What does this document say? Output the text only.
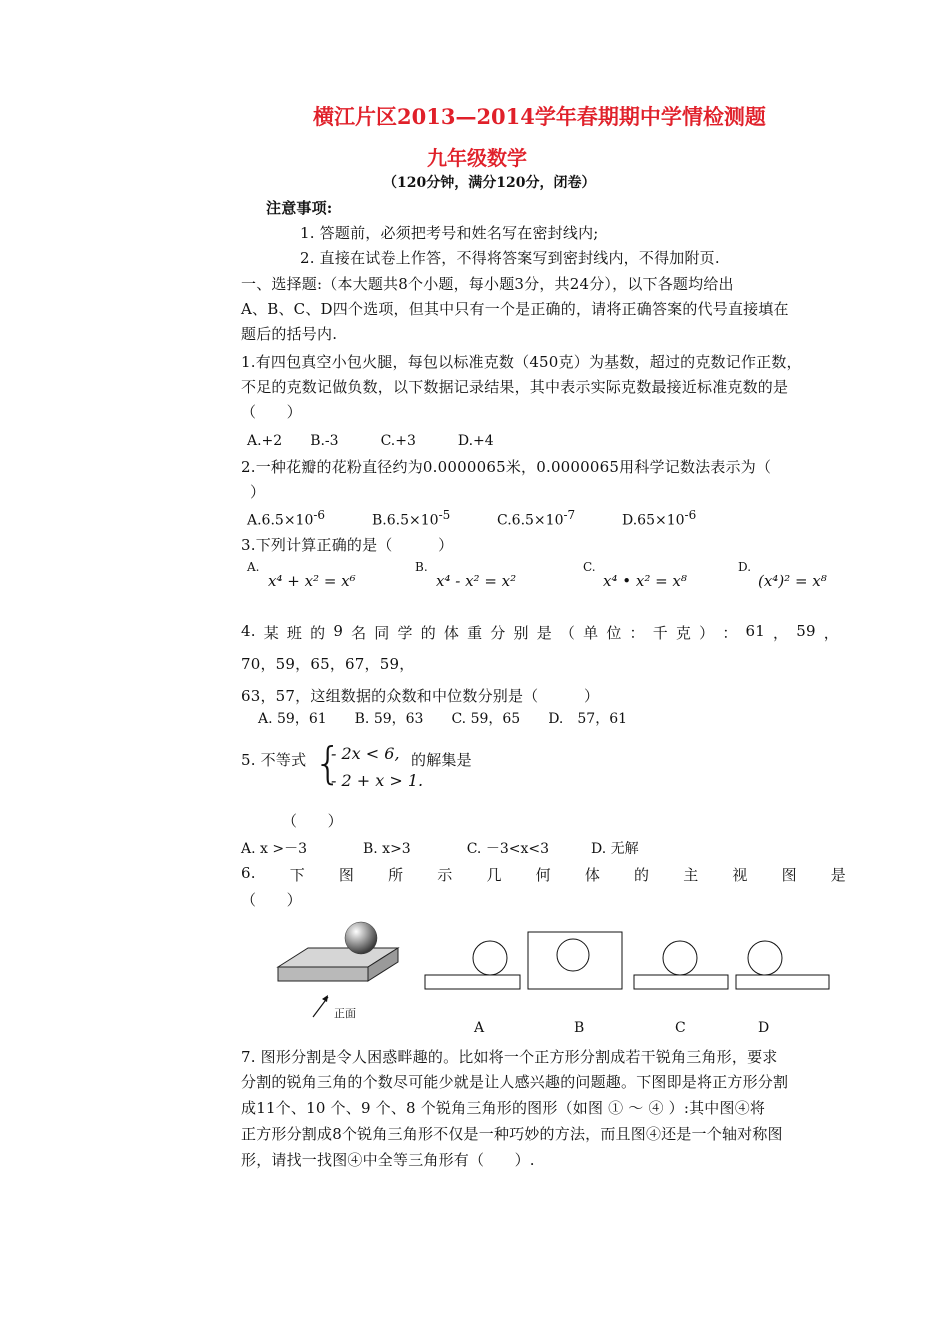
横江片区2013—2014学年春期期中学情检测题
九年级数学
（120分钟，满分120分，闭卷）
注意事项:
1. 答题前，必须把考号和姓名写在密封线内;
2. 直接在试卷上作答，不得将答案写到密封线内，不得加附页.
一、选择题:（本大题共8个小题，每小题3分，共24分），以下各题均给出
A、B、C、D四个选项，但其中只有一个是正确的，请将正确答案的代号直接填在
题后的括号内.
1.有四包真空小包火腿，每包以标准克数（450克）为基数，超过的克数记作正数，
不足的克数记做负数，以下数据记录结果，其中表示实际克数最接近标准克数的是
（　　）
A.+2　　B.-3　　　C.+3　　　D.+4
2.一种花瓣的花粉直径约为0.0000065米，0.0000065用科学记数法表示为（
）
$A.6.5\times 10^{-6}$	$B.6.5\times 10^{-5}$	$C.6.5\times 10^{-7}$	$D.65\times 10^{-6}$
3.下列计算正确的是（　　　）
A.
x⁴ + x² = x⁶
B.
x⁴ - x² = x²
C.
x⁴ • x² = x⁸
D.
(x⁴)² = x⁸
4. 某 班 的 9 名 同 学 的 体 重 分 别 是 （ 单 位 ： 千 克 ） ： 61 ， 59 ，
70，59，65，67，59，
63，57，这组数据的众数和中位数分别是（　　　）
A. 59，61　　B. 59，63　　C. 59，65　　D.　57，61
5. 不等式 {
- 2x < 6,
- 2 + x > 1.
的解集是
（　　）
A. x >－3　　　　B. x>3　　　　C. －3<x<3　　　D. 无解
6. 下 图 所 示 几 何 体 的 主 视 图 是
（　　）
正面
A	B	C	D
7. 图形分割是令人困惑畔趣的。比如将一个正方形分割成若干锐角三角形，要求
分割的锐角三角的个数尽可能少就是让人感兴趣的问题趣。下图即是将正方形分割
成11个、10 个、9 个、8 个锐角三角形的图形（如图 ① ～ ④ ）:其中图④将
正方形分割成8个锐角三角形不仅是一种巧妙的方法，而且图④还是一个轴对称图
形，请找一找图④中全等三角形有（　　）.
